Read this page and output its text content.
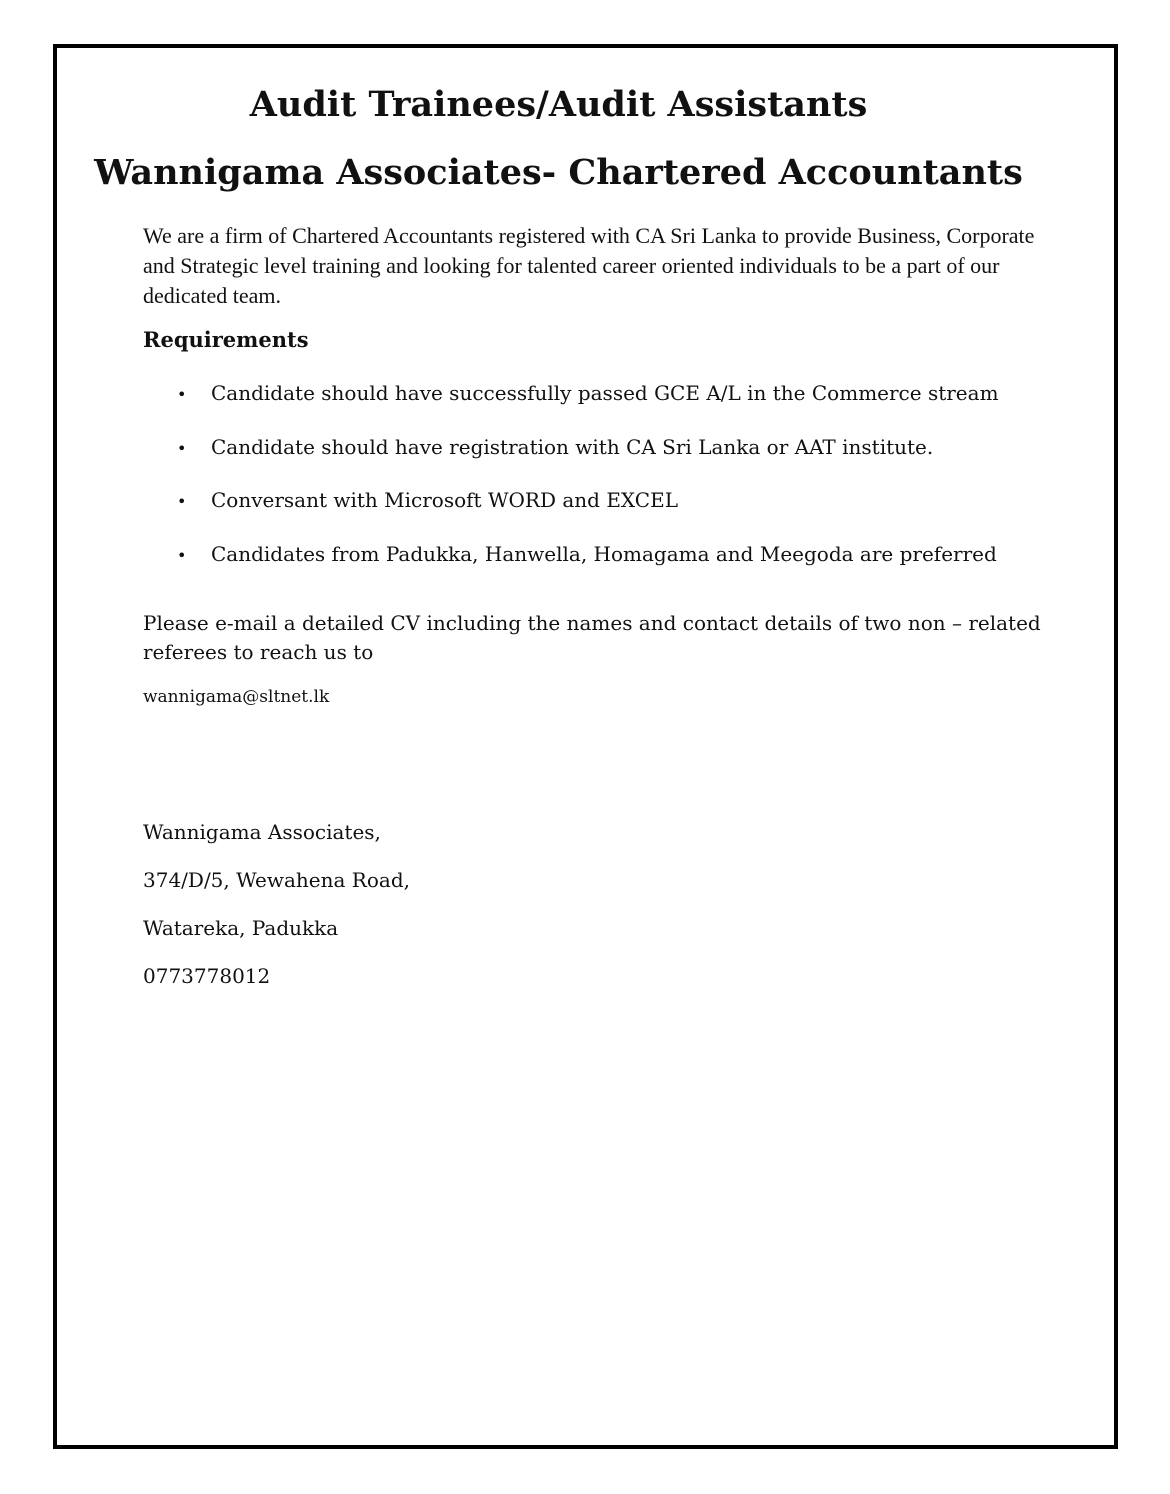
Audit Trainees/Audit Assistants
Wannigama Associates- Chartered Accountants

We are a firm of Chartered Accountants registered with CA Sri Lanka to provide Business, Corporate and Strategic level training and looking for talented career oriented individuals to be a part of our dedicated team.

Requirements
• Candidate should have successfully passed GCE A/L in the Commerce stream
• Candidate should have registration with CA Sri Lanka or AAT institute.
• Conversant with Microsoft WORD and EXCEL
• Candidates from Padukka, Hanwella, Homagama and Meegoda are preferred

Please e-mail a detailed CV including the names and contact details of two non – related referees to reach us to

wannigama@sltnet.lk
Wannigama Associates,
374/D/5, Wewahena Road,
Watareka, Padukka
0773778012
